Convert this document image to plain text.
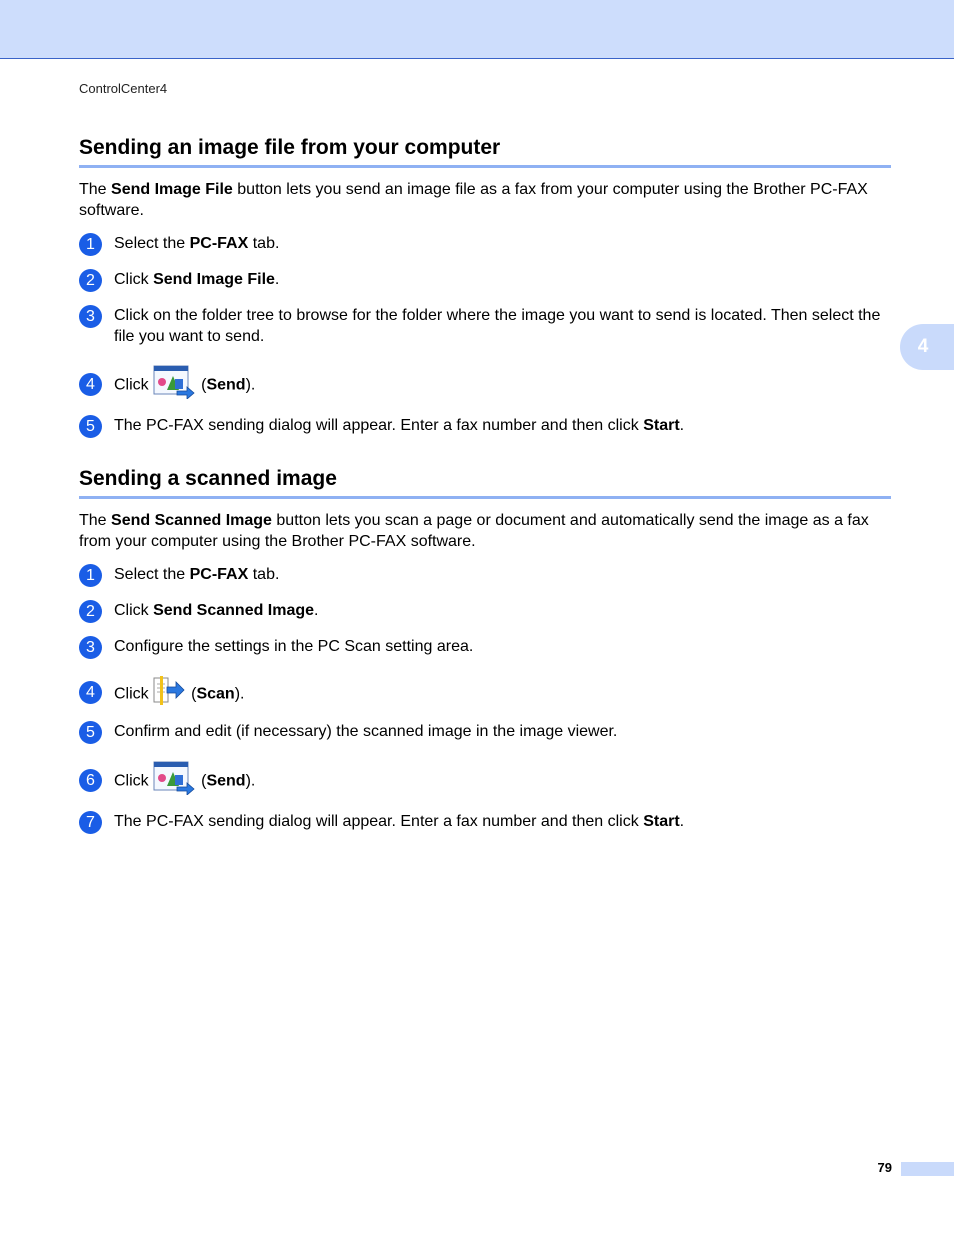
ControlCenter4
4
Sending an image file from your computer

The Send Image File button lets you send an image file as a fax from your computer using the Brother PC-FAX software.

1	Select the PC-FAX tab.
2	Click Send Image File.
3	Click on the folder tree to browse for the folder where the image you want to send is located. Then select the file you want to send.
4	Click	(Send).
5	The PC-FAX sending dialog will appear. Enter a fax number and then click Start.
Sending a scanned image

The Send Scanned Image button lets you scan a page or document and automatically send the image as a fax from your computer using the Brother PC-FAX software.

1	Select the PC-FAX tab.
2	Click Send Scanned Image.
3	Configure the settings in the PC Scan setting area.
4	Click (Scan).
5	Confirm and edit (if necessary) the scanned image in the image viewer.
6	Click	(Send).
7	The PC-FAX sending dialog will appear. Enter a fax number and then click Start.
79
